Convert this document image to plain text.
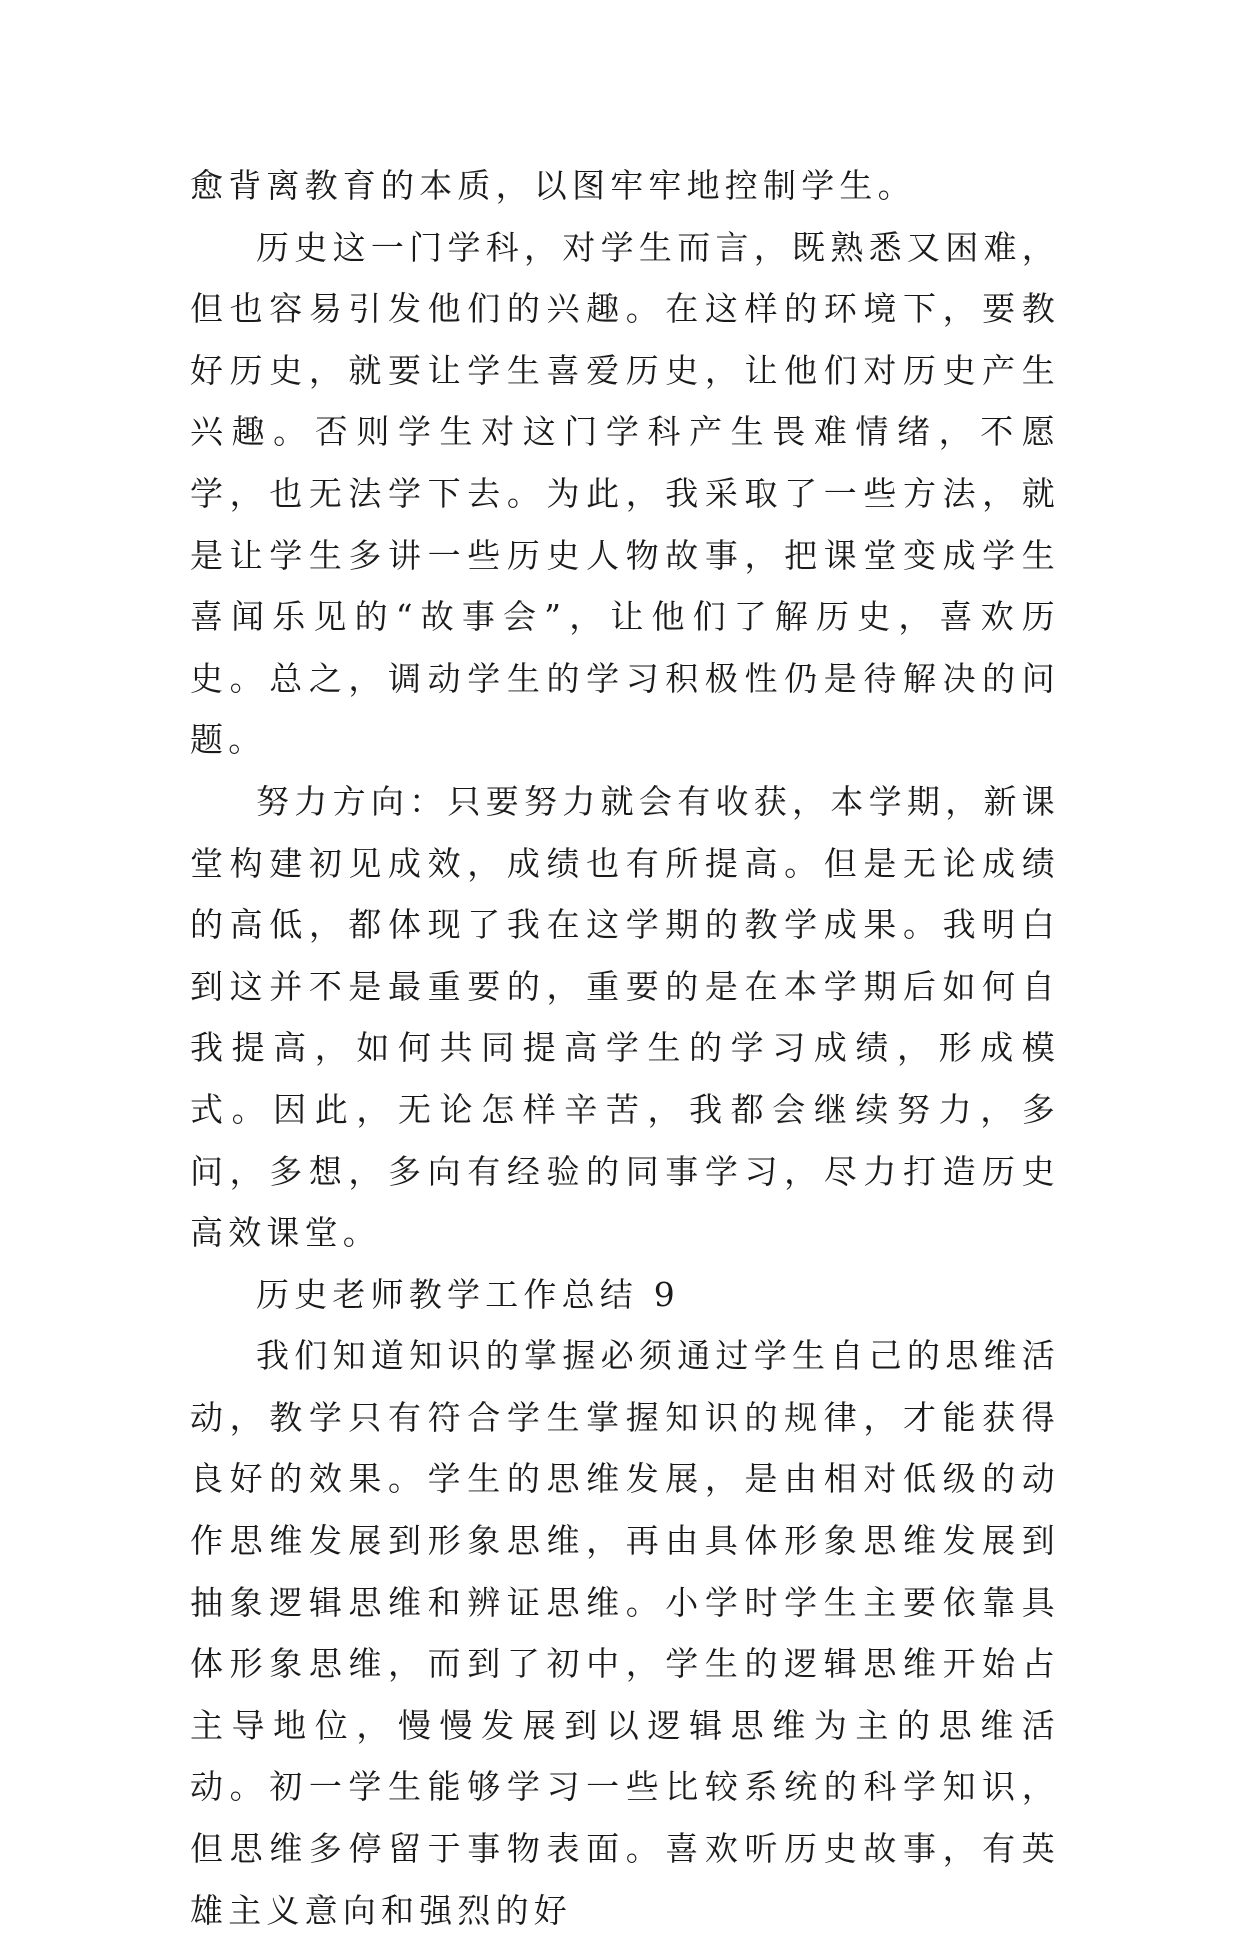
愈背离教育的本质，以图牢牢地控制学生。

历史这一门学科，对学生而言，既熟悉又困难，但也容易引发他们的兴趣。在这样的环境下，要教好历史，就要让学生喜爱历史，让他们对历史产生兴趣。否则学生对这门学科产生畏难情绪，不愿学，也无法学下去。为此，我采取了一些方法，就是让学生多讲一些历史人物故事，把课堂变成学生喜闻乐见的“故事会”，让他们了解历史，喜欢历史。总之，调动学生的学习积极性仍是待解决的问题。

努力方向：只要努力就会有收获，本学期，新课堂构建初见成效，成绩也有所提高。但是无论成绩的高低，都体现了我在这学期的教学成果。我明白到这并不是最重要的，重要的是在本学期后如何自我提高，如何共同提高学生的学习成绩，形成模式。因此，无论怎样辛苦，我都会继续努力，多问，多想，多向有经验的同事学习，尽力打造历史高效课堂。

历史老师教学工作总结 9

我们知道知识的掌握必须通过学生自己的思维活动，教学只有符合学生掌握知识的规律，才能获得良好的效果。学生的思维发展，是由相对低级的动作思维发展到形象思维，再由具体形象思维发展到抽象逻辑思维和辨证思维。小学时学生主要依靠具体形象思维，而到了初中，学生的逻辑思维开始占主导地位，慢慢发展到以逻辑思维为主的思维活动。初一学生能够学习一些比较系统的科学知识，但思维多停留于事物表面。喜欢听历史故事，有英雄主义意向和强烈的好
